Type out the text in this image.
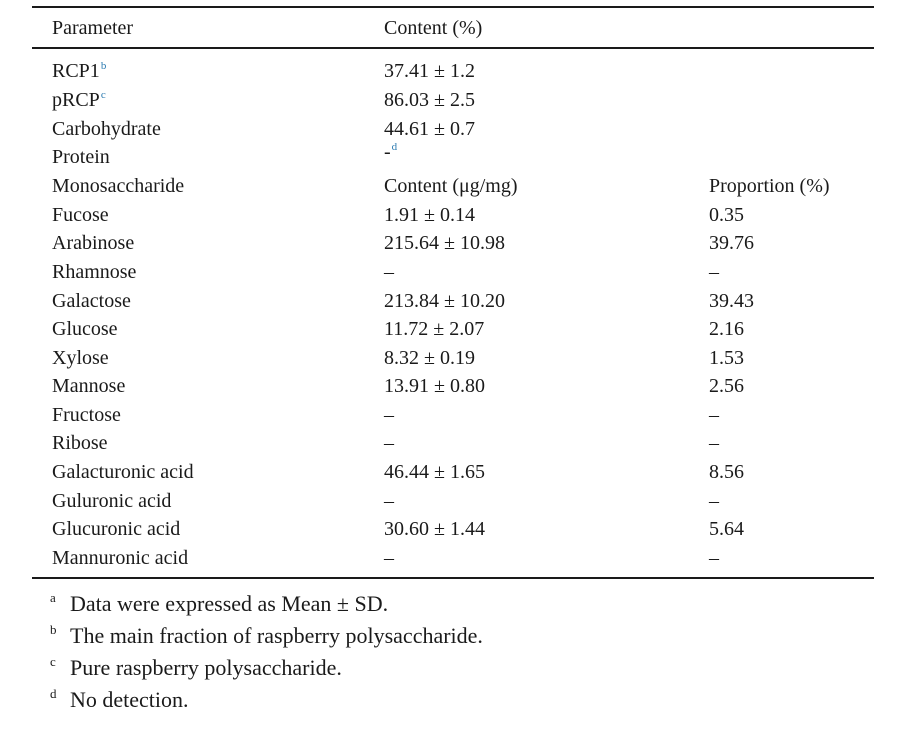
Parameter	Content (%)
RCP1$^b$	37.41 ± 1.2
pRCP$^c$	86.03 ± 2.5
Carbohydrate	44.61 ± 0.7
Protein	-$^d$
Monosaccharide	Content (μg/mg)	Proportion (%)
Fucose	1.91 ± 0.14	0.35
Arabinose	215.64 ± 10.98	39.76
Rhamnose	–	–
Galactose	213.84 ± 10.20	39.43
Glucose	11.72 ± 2.07	2.16
Xylose	8.32 ± 0.19	1.53
Mannose	13.91 ± 0.80	2.56
Fructose	–	–
Ribose	–	–
Galacturonic acid	46.44 ± 1.65	8.56
Guluronic acid	–	–
Glucuronic acid	30.60 ± 1.44	5.64
Mannuronic acid	–	–
a Data were expressed as Mean ± SD.
b The main fraction of raspberry polysaccharide.
c Pure raspberry polysaccharide.
d No detection.
